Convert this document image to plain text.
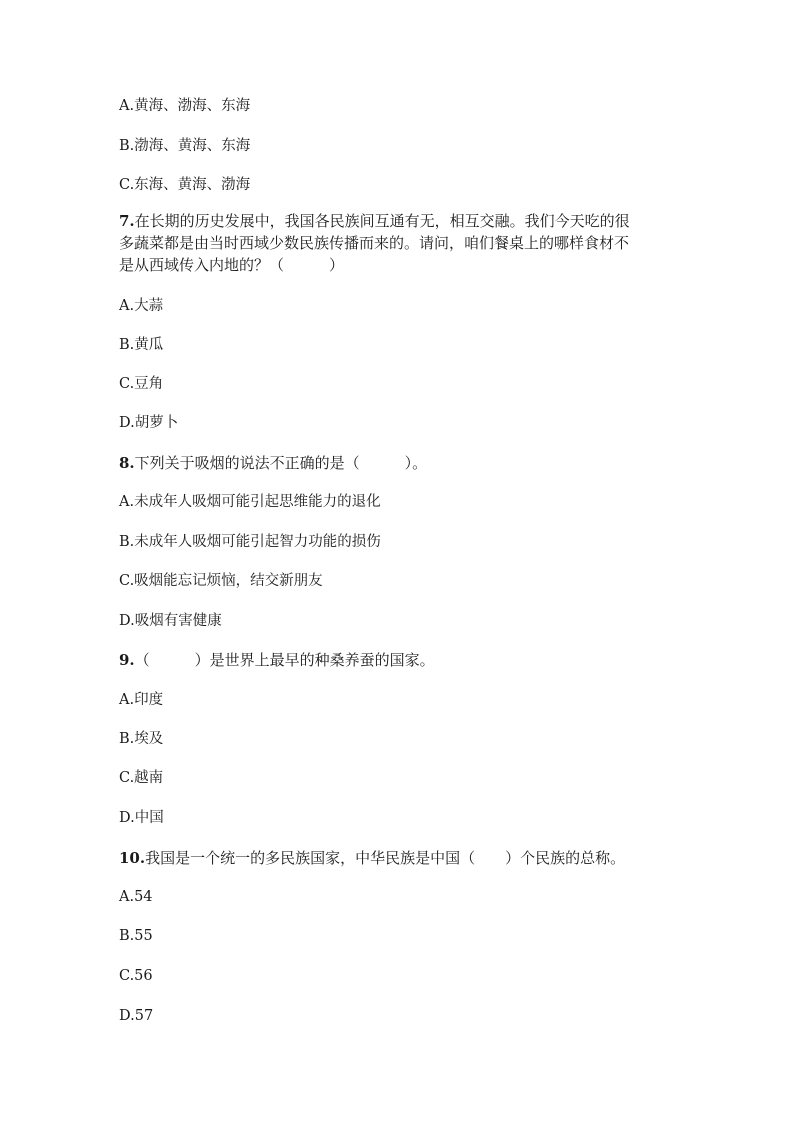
A.黄海、渤海、东海
B.渤海、黄海、东海
C.东海、黄海、渤海
7.在长期的历史发展中，我国各民族间互通有无，相互交融。我们今天吃的很
多蔬菜都是由当时西域少数民族传播而来的。请问，咱们餐桌上的哪样食材不
是从西域传入内地的？（　　　）
A.大蒜
B.黄瓜
C.豆角
D.胡萝卜
8.下列关于吸烟的说法不正确的是（　　　）。
A.未成年人吸烟可能引起思维能力的退化
B.未成年人吸烟可能引起智力功能的损伤
C.吸烟能忘记烦恼，结交新朋友
D.吸烟有害健康
9.（　　　）是世界上最早的种桑养蚕的国家。
A.印度
B.埃及
C.越南
D.中国
10.我国是一个统一的多民族国家，中华民族是中国（　　）个民族的总称。
A.54
B.55
C.56
D.57
